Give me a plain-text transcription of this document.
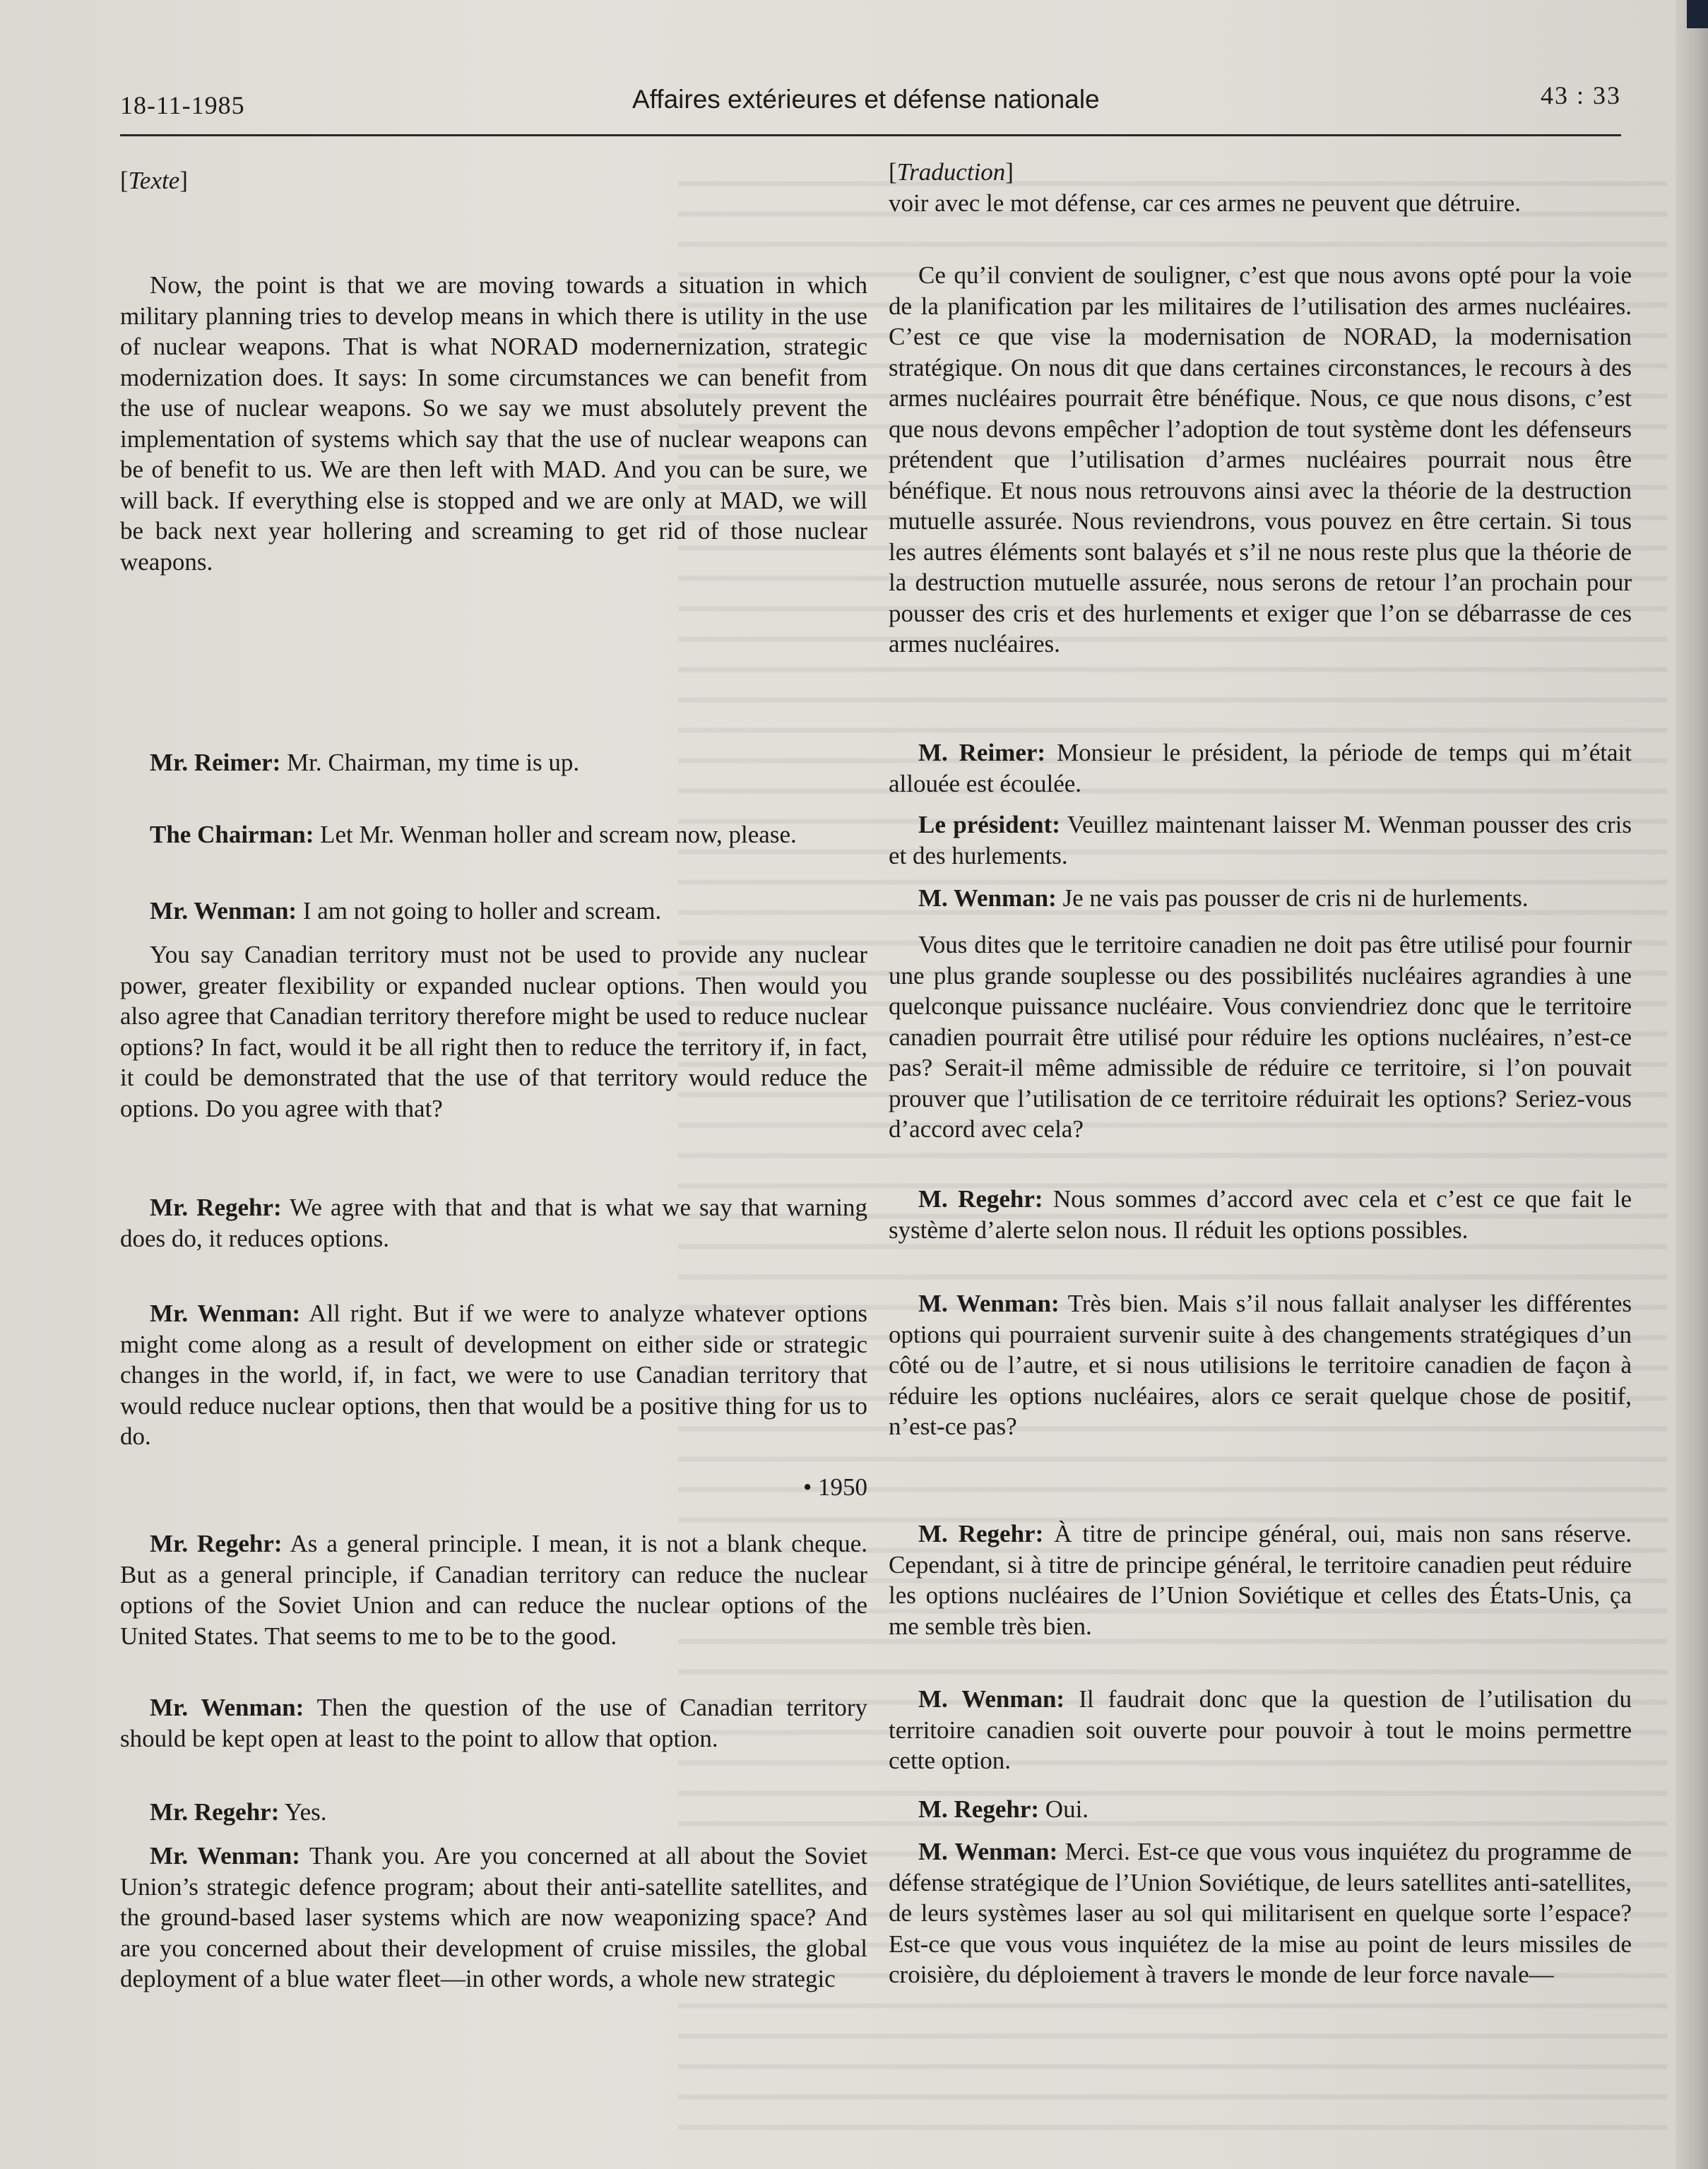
18-11-1985	Affaires extérieures et défense nationale	43 : 33

[Texte]

Now, the point is that we are moving towards a situation in which military planning tries to develop means in which there is utility in the use of nuclear weapons. That is what NORAD modernernization, strategic modernization does. It says: In some circumstances we can benefit from the use of nuclear weapons. So we say we must absolutely prevent the implementation of systems which say that the use of nuclear weapons can be of benefit to us. We are then left with MAD. And you can be sure, we will back. If everything else is stopped and we are only at MAD, we will be back next year hollering and screaming to get rid of those nuclear weapons.

Mr. Reimer: Mr. Chairman, my time is up.

The Chairman: Let Mr. Wenman holler and scream now, please.

Mr. Wenman: I am not going to holler and scream.

You say Canadian territory must not be used to provide any nuclear power, greater flexibility or expanded nuclear options. Then would you also agree that Canadian territory therefore might be used to reduce nuclear options? In fact, would it be all right then to reduce the territory if, in fact, it could be demonstrated that the use of that territory would reduce the options. Do you agree with that?

Mr. Regehr: We agree with that and that is what we say that warning does do, it reduces options.

Mr. Wenman: All right. But if we were to analyze whatever options might come along as a result of development on either side or strategic changes in the world, if, in fact, we were to use Canadian territory that would reduce nuclear options, then that would be a positive thing for us to do.

• 1950

Mr. Regehr: As a general principle. I mean, it is not a blank cheque. But as a general principle, if Canadian territory can reduce the nuclear options of the Soviet Union and can reduce the nuclear options of the United States. That seems to me to be to the good.

Mr. Wenman: Then the question of the use of Canadian territory should be kept open at least to the point to allow that option.

Mr. Regehr: Yes.

Mr. Wenman: Thank you. Are you concerned at all about the Soviet Union’s strategic defence program; about their anti-satellite satellites, and the ground-based laser systems which are now weaponizing space? And are you concerned about their development of cruise missiles, the global deployment of a blue water fleet—in other words, a whole new strategic

[Traduction]

voir avec le mot défense, car ces armes ne peuvent que détruire.

Ce qu’il convient de souligner, c’est que nous avons opté pour la voie de la planification par les militaires de l’utilisation des armes nucléaires. C’est ce que vise la modernisation de NORAD, la modernisation stratégique. On nous dit que dans certaines circonstances, le recours à des armes nucléaires pourrait être bénéfique. Nous, ce que nous disons, c’est que nous devons empêcher l’adoption de tout système dont les défenseurs prétendent que l’utilisation d’armes nucléaires pourrait nous être bénéfique. Et nous nous retrouvons ainsi avec la théorie de la destruction mutuelle assurée. Nous reviendrons, vous pouvez en être certain. Si tous les autres éléments sont balayés et s’il ne nous reste plus que la théorie de la destruction mutuelle assurée, nous serons de retour l’an prochain pour pousser des cris et des hurlements et exiger que l’on se débarrasse de ces armes nucléaires.

M. Reimer: Monsieur le président, la période de temps qui m’était allouée est écoulée.

Le président: Veuillez maintenant laisser M. Wenman pousser des cris et des hurlements.

M. Wenman: Je ne vais pas pousser de cris ni de hurlements.

Vous dites que le territoire canadien ne doit pas être utilisé pour fournir une plus grande souplesse ou des possibilités nucléaires agrandies à une quelconque puissance nucléaire. Vous conviendriez donc que le territoire canadien pourrait être utilisé pour réduire les options nucléaires, n’est-ce pas? Serait-il même admissible de réduire ce territoire, si l’on pouvait prouver que l’utilisation de ce territoire réduirait les options? Seriez-vous d’accord avec cela?

M. Regehr: Nous sommes d’accord avec cela et c’est ce que fait le système d’alerte selon nous. Il réduit les options possibles.

M. Wenman: Très bien. Mais s’il nous fallait analyser les différentes options qui pourraient survenir suite à des changements stratégiques d’un côté ou de l’autre, et si nous utilisions le territoire canadien de façon à réduire les options nucléaires, alors ce serait quelque chose de positif, n’est-ce pas?

M. Regehr: À titre de principe général, oui, mais non sans réserve. Cependant, si à titre de principe général, le territoire canadien peut réduire les options nucléaires de l’Union Soviétique et celles des États-Unis, ça me semble très bien.

M. Wenman: Il faudrait donc que la question de l’utilisation du territoire canadien soit ouverte pour pouvoir à tout le moins permettre cette option.

M. Regehr: Oui.

M. Wenman: Merci. Est-ce que vous vous inquiétez du programme de défense stratégique de l’Union Soviétique, de leurs satellites anti-satellites, de leurs systèmes laser au sol qui militarisent en quelque sorte l’espace? Est-ce que vous vous inquiétez de la mise au point de leurs missiles de croisière, du déploiement à travers le monde de leur force navale—
